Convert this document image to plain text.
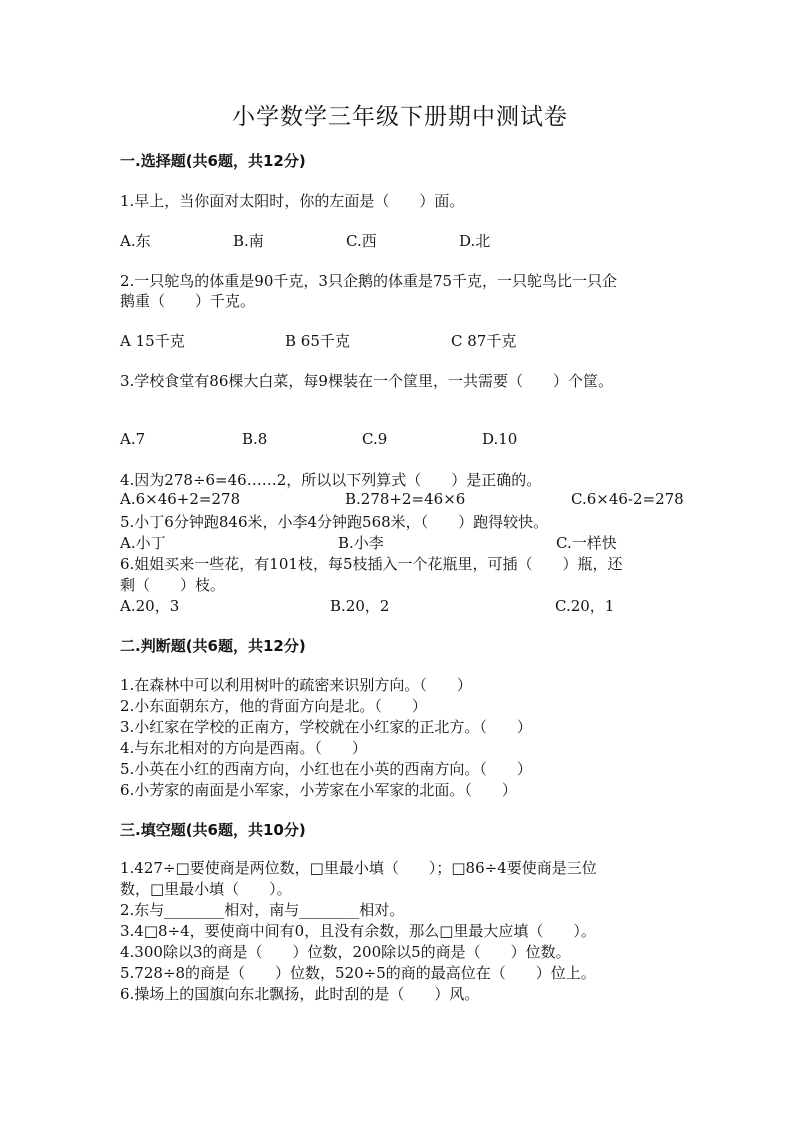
小学数学三年级下册期中测试卷
一.选择题(共6题，共12分)
1.早上，当你面对太阳时，你的左面是（　　）面。
A.东	B.南	C.西	D.北
2.一只鸵鸟的体重是90千克，3只企鹅的体重是75千克，一只鸵鸟比一只企
鹅重（　　）千克。
A 15千克	B 65千克	C 87千克
3.学校食堂有86棵大白菜，每9棵装在一个筐里，一共需要（　　）个筐。
A.7	B.8	C.9	D.10
4.因为278÷6=46……2，所以以下列算式（　　）是正确的。
A.6×46+2=278	B.278+2=46×6	C.6×46-2=278
5.小丁6分钟跑846米，小李4分钟跑568米，（　　）跑得较快。
A.小丁	B.小李	C.一样快
6.姐姐买来一些花，有101枝，每5枝插入一个花瓶里，可插（　　）瓶，还
剩（　　）枝。
A.20，3	B.20，2	C.20，1
二.判断题(共6题，共12分)
1.在森林中可以利用树叶的疏密来识别方向。（　　）
2.小东面朝东方，他的背面方向是北。（　　）
3.小红家在学校的正南方，学校就在小红家的正北方。（　　）
4.与东北相对的方向是西南。（　　）
5.小英在小红的西南方向，小红也在小英的西南方向。（　　）
6.小芳家的南面是小军家，小芳家在小军家的北面。（　　）
三.填空题(共6题，共10分)
1.427÷□要使商是两位数，□里最小填（　　）；□86÷4要使商是三位
数，□里最小填（　　）。
2.东与________相对，南与________相对。
3.4□8÷4，要使商中间有0，且没有余数，那么□里最大应填（　　）。
4.300除以3的商是（　　）位数，200除以5的商是（　　）位数。
5.728÷8的商是（　　）位数，520÷5的商的最高位在（　　）位上。
6.操场上的国旗向东北飘扬，此时刮的是（　　）风。
